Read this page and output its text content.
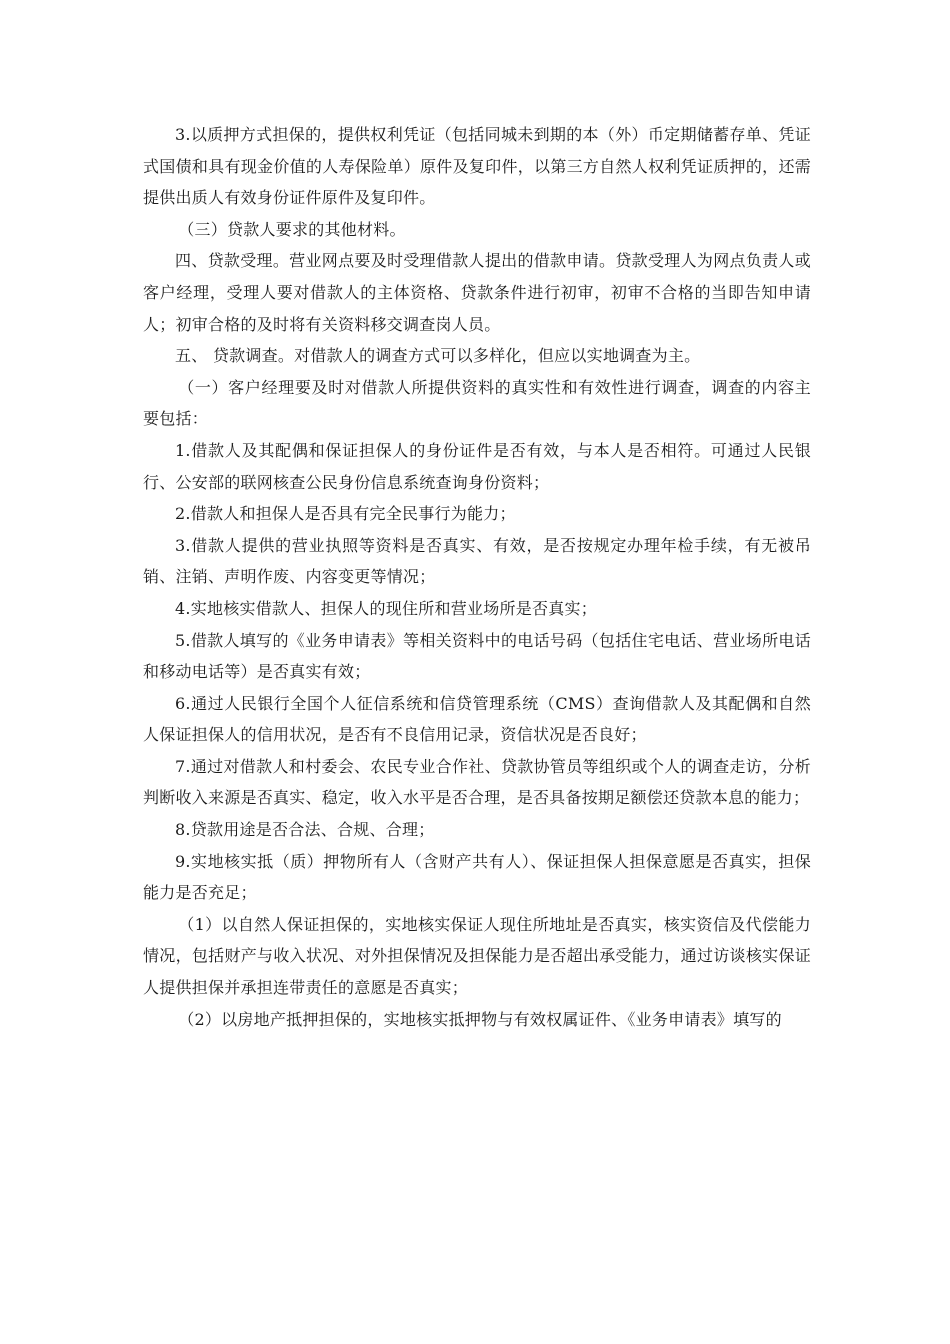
3.以质押方式担保的，提供权利凭证（包括同城未到期的本（外）币定期储蓄存单、凭证式国债和具有现金价值的人寿保险单）原件及复印件，以第三方自然人权利凭证质押的，还需提供出质人有效身份证件原件及复印件。

（三）贷款人要求的其他材料。

四、贷款受理。营业网点要及时受理借款人提出的借款申请。贷款受理人为网点负责人或客户经理，受理人要对借款人的主体资格、贷款条件进行初审，初审不合格的当即告知申请人；初审合格的及时将有关资料移交调查岗人员。

五、 贷款调查。对借款人的调查方式可以多样化，但应以实地调查为主。

（一）客户经理要及时对借款人所提供资料的真实性和有效性进行调查，调查的内容主要包括：

1.借款人及其配偶和保证担保人的身份证件是否有效，与本人是否相符。可通过人民银行、公安部的联网核查公民身份信息系统查询身份资料；

2.借款人和担保人是否具有完全民事行为能力；

3.借款人提供的营业执照等资料是否真实、有效，是否按规定办理年检手续，有无被吊销、注销、声明作废、内容变更等情况；

4.实地核实借款人、担保人的现住所和营业场所是否真实；

5.借款人填写的《业务申请表》等相关资料中的电话号码（包括住宅电话、营业场所电话和移动电话等）是否真实有效；

6.通过人民银行全国个人征信系统和信贷管理系统（CMS）查询借款人及其配偶和自然人保证担保人的信用状况，是否有不良信用记录，资信状况是否良好；

7.通过对借款人和村委会、农民专业合作社、贷款协管员等组织或个人的调查走访，分析判断收入来源是否真实、稳定，收入水平是否合理，是否具备按期足额偿还贷款本息的能力；

8.贷款用途是否合法、合规、合理；

9.实地核实抵（质）押物所有人（含财产共有人）、保证担保人担保意愿是否真实，担保能力是否充足；

（1）以自然人保证担保的，实地核实保证人现住所地址是否真实，核实资信及代偿能力情况，包括财产与收入状况、对外担保情况及担保能力是否超出承受能力，通过访谈核实保证人提供担保并承担连带责任的意愿是否真实；

（2）以房地产抵押担保的，实地核实抵押物与有效权属证件、《业务申请表》填写的
